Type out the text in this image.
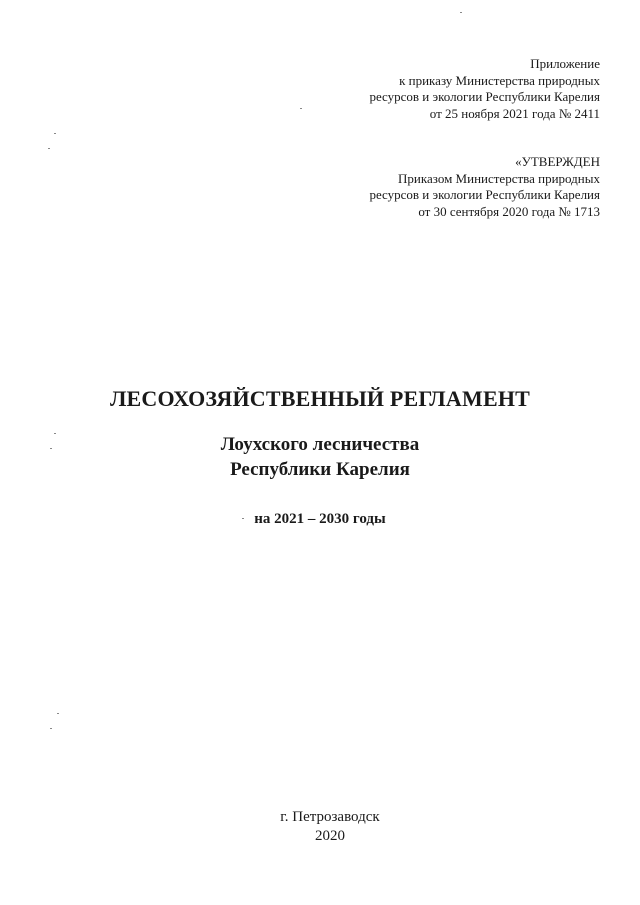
Приложение
к приказу Министерства природных
ресурсов и экологии Республики Карелия
от 25 ноября 2021 года № 2411
«УТВЕРЖДЕН
Приказом Министерства природных
ресурсов и экологии Республики Карелия
от 30 сентября 2020 года № 1713
ЛЕСОХОЗЯЙСТВЕННЫЙ РЕГЛАМЕНТ
Лоухского лесничества
Республики Карелия
на 2021 – 2030 годы
г. Петрозаводск
2020
